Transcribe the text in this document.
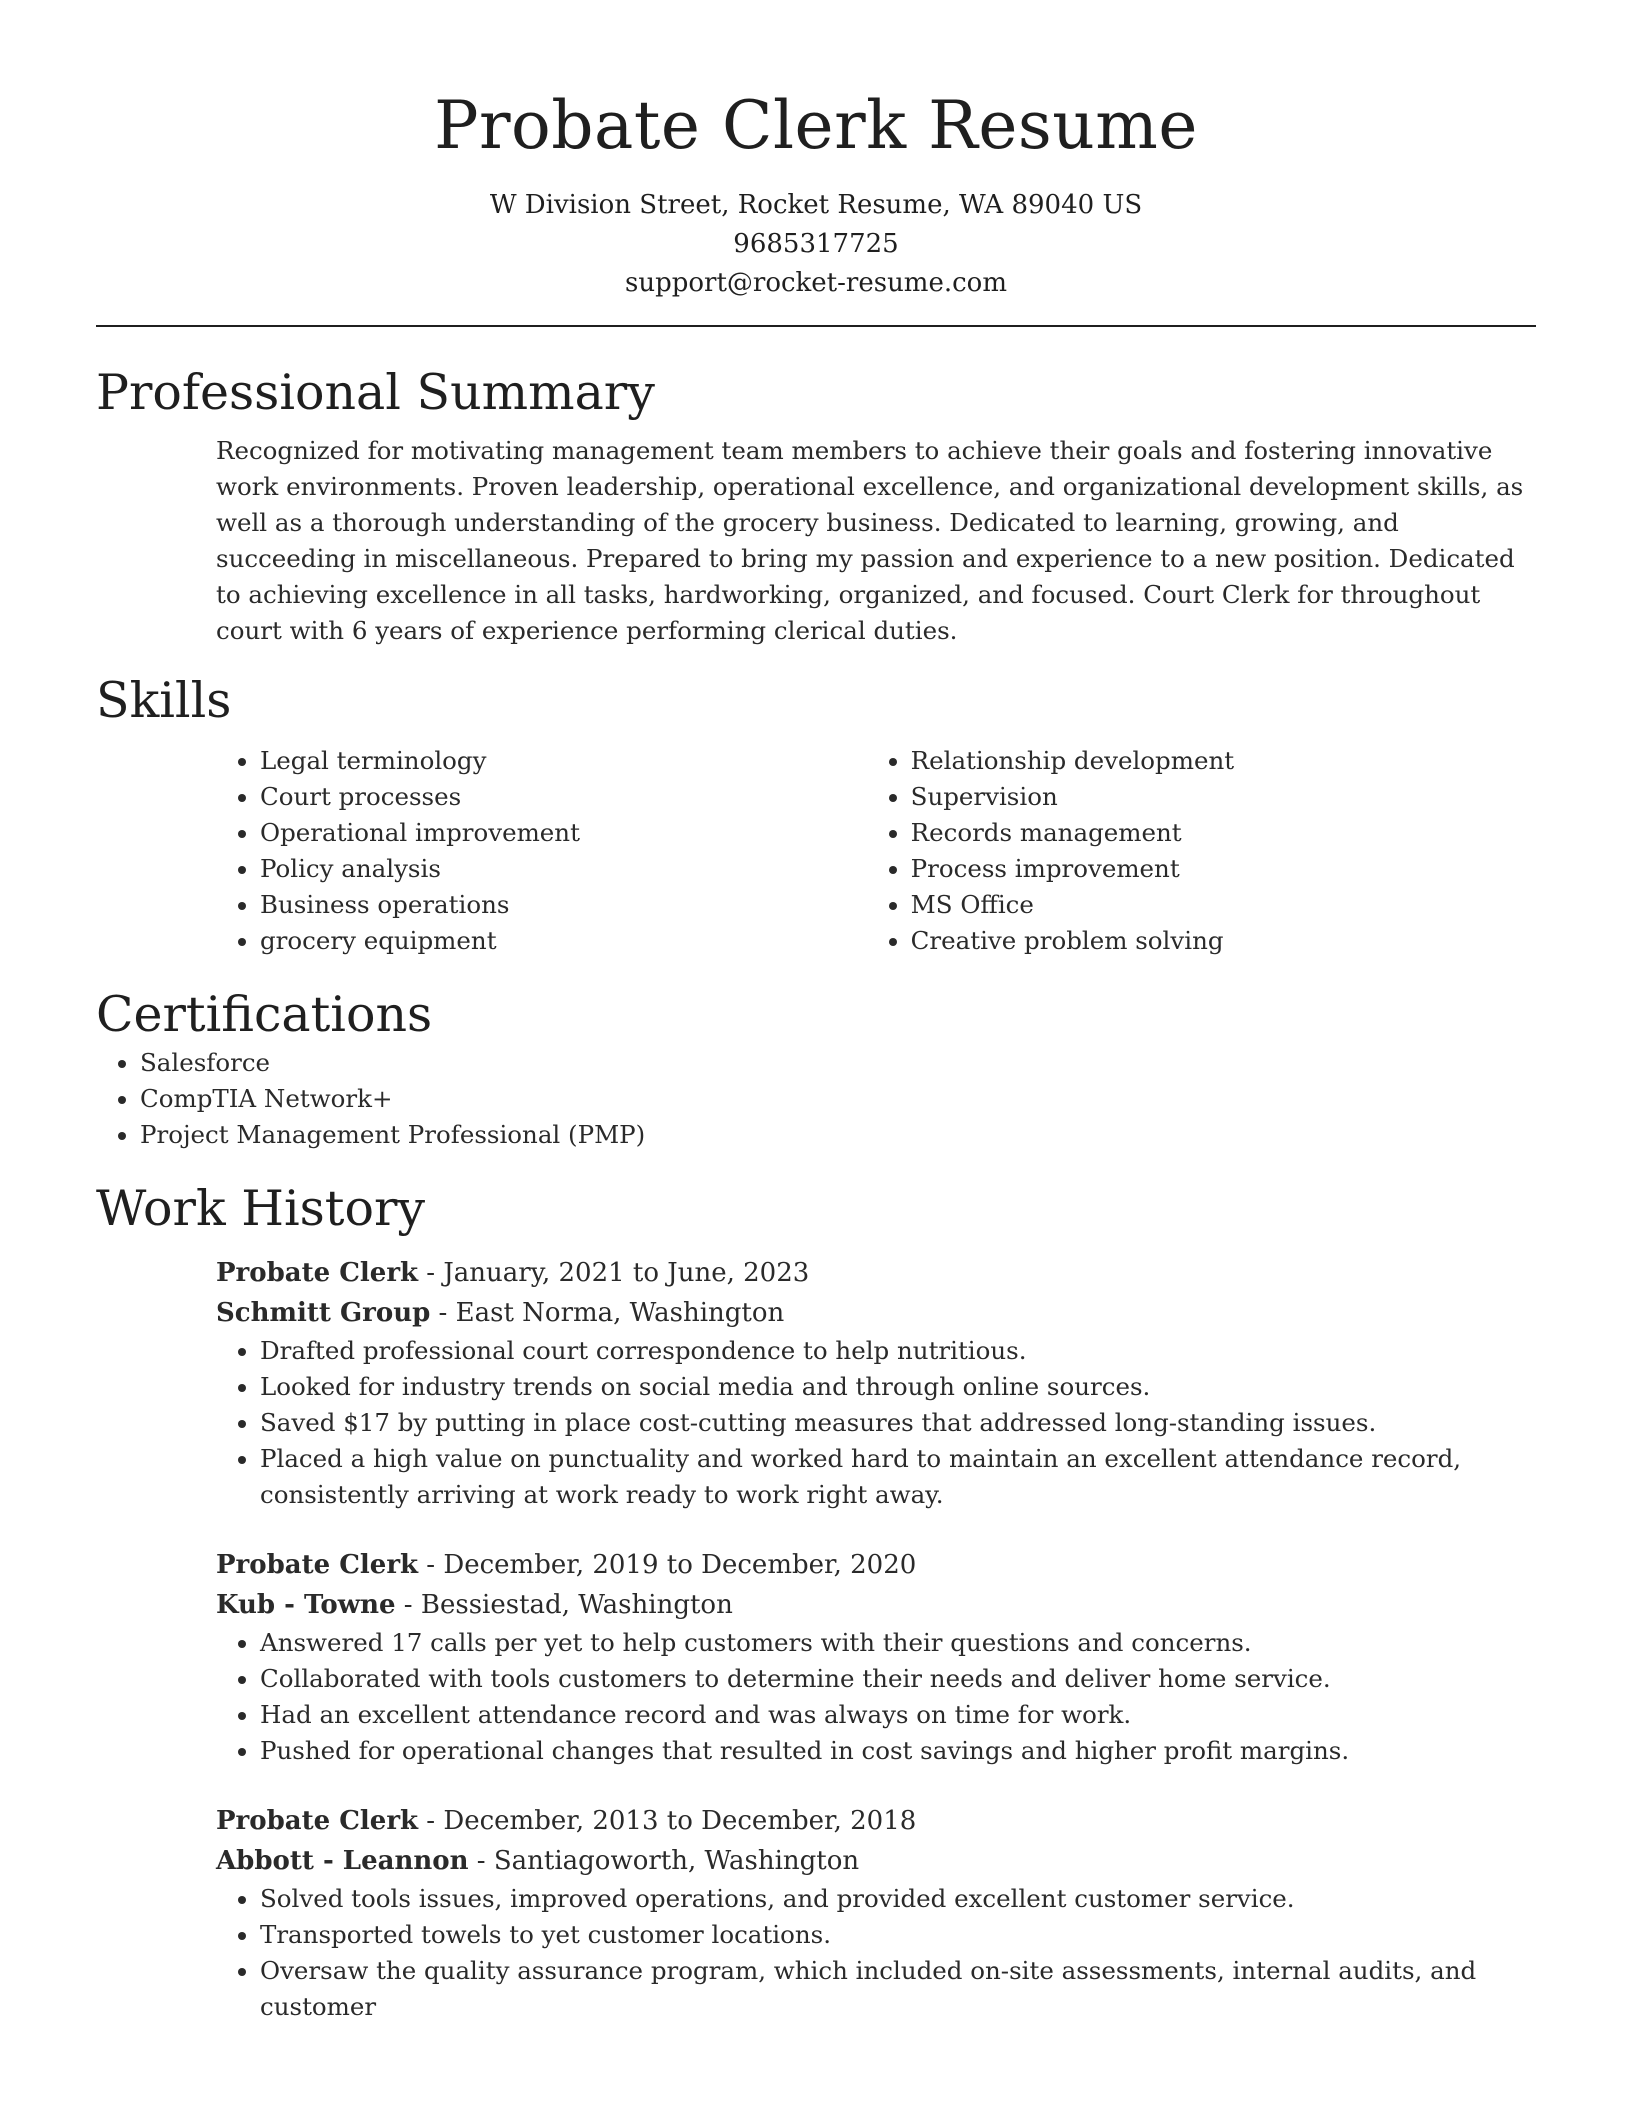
Probate Clerk Resume

W Division Street, Rocket Resume, WA 89040 US

9685317725

support@rocket-resume.com

Professional Summary
Recognized for motivating management team members to achieve their goals and fostering innovative work environments. Proven leadership, operational excellence, and organizational development skills, as well as a thorough understanding of the grocery business. Dedicated to learning, growing, and succeeding in miscellaneous. Prepared to bring my passion and experience to a new position. Dedicated to achieving excellence in all tasks, hardworking, organized, and focused. Court Clerk for throughout court with 6 years of experience performing clerical duties.
Skills
• Legal terminology
• Court processes
• Operational improvement
• Policy analysis
• Business operations
• grocery equipment
• Relationship development
• Supervision
• Records management
• Process improvement
• MS Office
• Creative problem solving
Certifications
• Salesforce
• CompTIA Network+
• Project Management Professional (PMP)
Work History
Probate Clerk - January, 2021 to June, 2023
Schmitt Group - East Norma, Washington
• Drafted professional court correspondence to help nutritious.
• Looked for industry trends on social media and through online sources.
• Saved $17 by putting in place cost-cutting measures that addressed long-standing issues.
• Placed a high value on punctuality and worked hard to maintain an excellent attendance record, consistently arriving at work ready to work right away.
Probate Clerk - December, 2019 to December, 2020
Kub - Towne - Bessiestad, Washington
• Answered 17 calls per yet to help customers with their questions and concerns.
• Collaborated with tools customers to determine their needs and deliver home service.
• Had an excellent attendance record and was always on time for work.
• Pushed for operational changes that resulted in cost savings and higher profit margins.
Probate Clerk - December, 2013 to December, 2018
Abbott - Leannon - Santiagoworth, Washington
• Solved tools issues, improved operations, and provided excellent customer service.
• Transported towels to yet customer locations.
• Oversaw the quality assurance program, which included on-site assessments, internal audits, and customer
